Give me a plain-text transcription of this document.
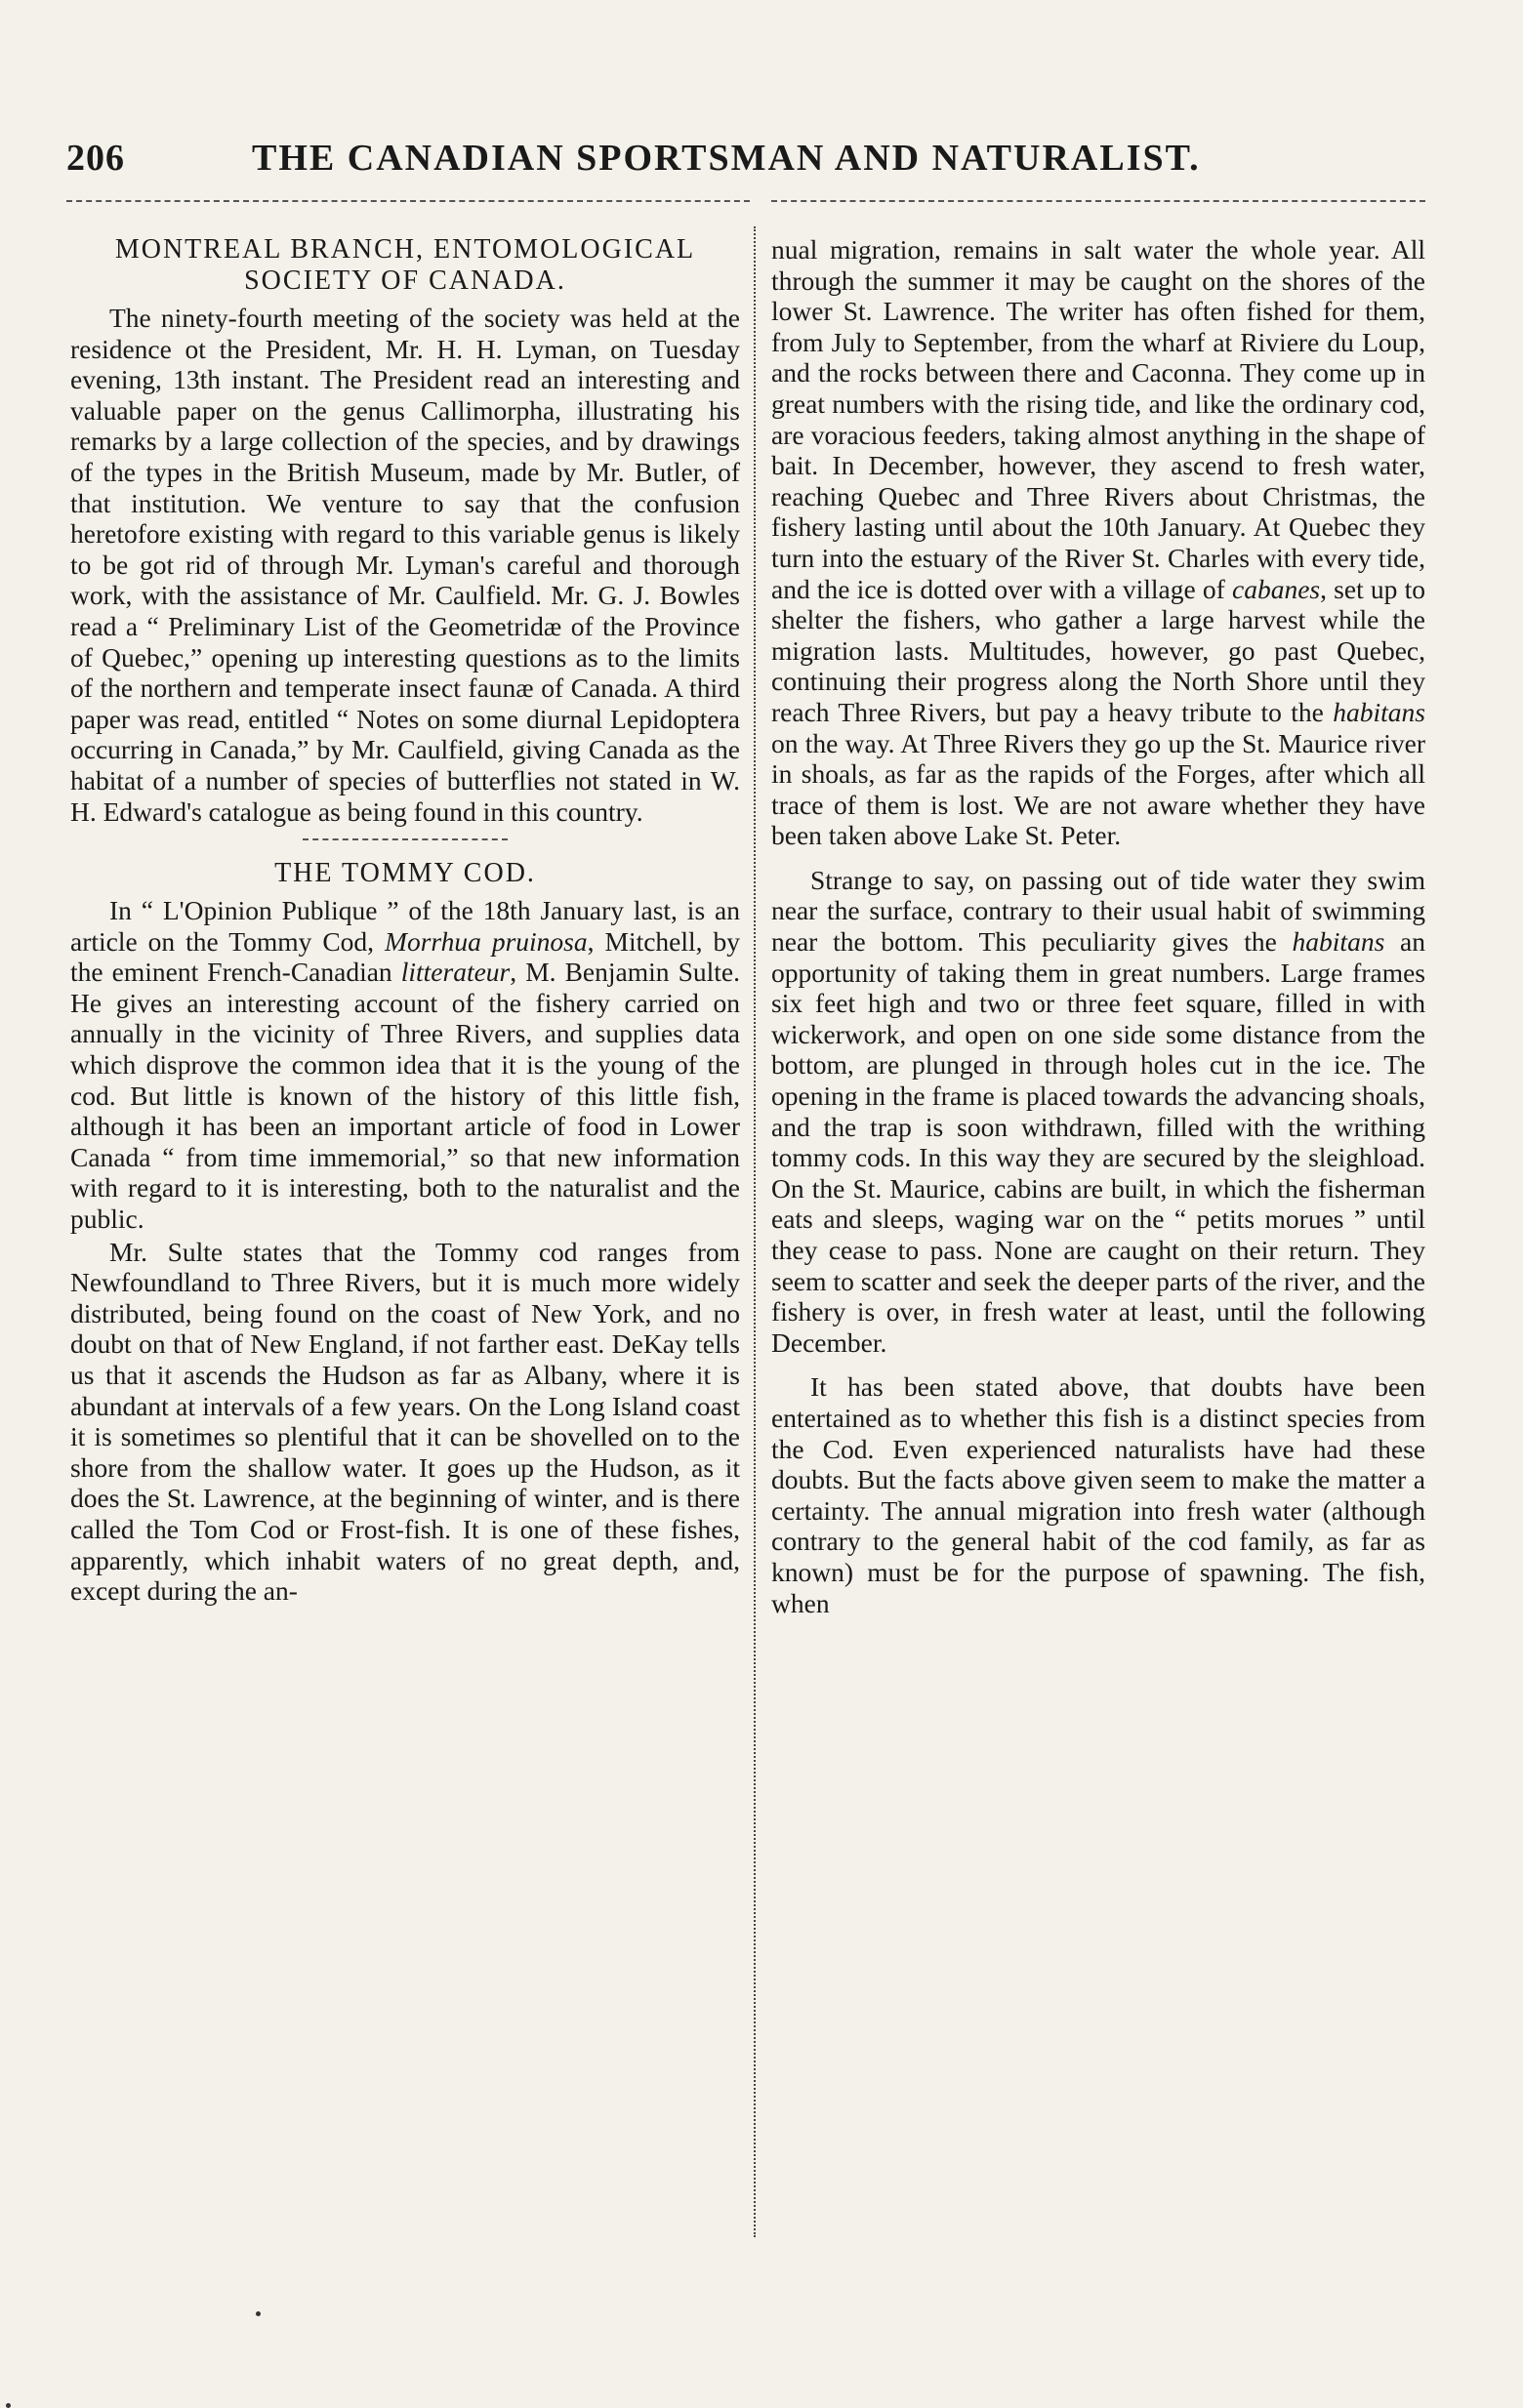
206	THE CANADIAN SPORTSMAN AND NATURALIST.

MONTREAL BRANCH, ENTOMOLOGICAL

SOCIETY OF CANADA.

The ninety-fourth meeting of the society was held at the residence ot the President, Mr. H. H. Lyman, on Tuesday evening, 13th instant. The President read an interesting and valuable paper on the genus Callimorpha, illustrating his remarks by a large collection of the species, and by drawings of the types in the British Museum, made by Mr. Butler, of that institution. We venture to say that the confusion heretofore existing with regard to this variable genus is likely to be got rid of through Mr. Lyman's careful and thorough work, with the assistance of Mr. Caulfield. Mr. G. J. Bowles read a “ Preliminary List of the Geometridæ of the Province of Quebec,” opening up interesting questions as to the limits of the northern and temperate insect faunæ of Canada. A third paper was read, entitled “ Notes on some diurnal Lepidoptera occurring in Canada,” by Mr. Caulfield, giving Canada as the habitat of a number of species of butterflies not stated in W. H. Edward's catalogue as being found in this country.

THE TOMMY COD.

In “ L'Opinion Publique ” of the 18th January last, is an article on the Tommy Cod, Morrhua pruinosa, Mitchell, by the eminent French-Canadian litterateur, M. Benjamin Sulte. He gives an interesting account of the fishery carried on annually in the vicinity of Three Rivers, and supplies data which disprove the common idea that it is the young of the cod. But little is known of the history of this little fish, although it has been an important article of food in Lower Canada “ from time immemorial,” so that new information with regard to it is interesting, both to the naturalist and the public.

Mr. Sulte states that the Tommy cod ranges from Newfoundland to Three Rivers, but it is much more widely distributed, being found on the coast of New York, and no doubt on that of New England, if not farther east. DeKay tells us that it ascends the Hudson as far as Albany, where it is abundant at intervals of a few years. On the Long Island coast it is sometimes so plentiful that it can be shovelled on to the shore from the shallow water. It goes up the Hudson, as it does the St. Lawrence, at the beginning of winter, and is there called the Tom Cod or Frost-fish. It is one of these fishes, apparently, which inhabit waters of no great depth, and, except during the an-

nual migration, remains in salt water the whole year. All through the summer it may be caught on the shores of the lower St. Lawrence. The writer has often fished for them, from July to September, from the wharf at Riviere du Loup, and the rocks between there and Caconna. They come up in great numbers with the rising tide, and like the ordinary cod, are voracious feeders, taking almost anything in the shape of bait. In December, however, they ascend to fresh water, reaching Quebec and Three Rivers about Christmas, the fishery lasting until about the 10th January. At Quebec they turn into the estuary of the River St. Charles with every tide, and the ice is dotted over with a village of cabanes, set up to shelter the fishers, who gather a large harvest while the migration lasts. Multitudes, however, go past Quebec, continuing their progress along the North Shore until they reach Three Rivers, but pay a heavy tribute to the habitans on the way. At Three Rivers they go up the St. Maurice river in shoals, as far as the rapids of the Forges, after which all trace of them is lost. We are not aware whether they have been taken above Lake St. Peter.

Strange to say, on passing out of tide water they swim near the surface, contrary to their usual habit of swimming near the bottom. This peculiarity gives the habitans an opportunity of taking them in great numbers. Large frames six feet high and two or three feet square, filled in with wickerwork, and open on one side some distance from the bottom, are plunged in through holes cut in the ice. The opening in the frame is placed towards the advancing shoals, and the trap is soon withdrawn, filled with the writhing tommy cods. In this way they are secured by the sleighload. On the St. Maurice, cabins are built, in which the fisherman eats and sleeps, waging war on the “ petits morues ” until they cease to pass. None are caught on their return. They seem to scatter and seek the deeper parts of the river, and the fishery is over, in fresh water at least, until the following December.

It has been stated above, that doubts have been entertained as to whether this fish is a distinct species from the Cod. Even experienced naturalists have had these doubts. But the facts above given seem to make the matter a certainty. The annual migration into fresh water (although contrary to the general habit of the cod family, as far as known) must be for the purpose of spawning. The fish, when
